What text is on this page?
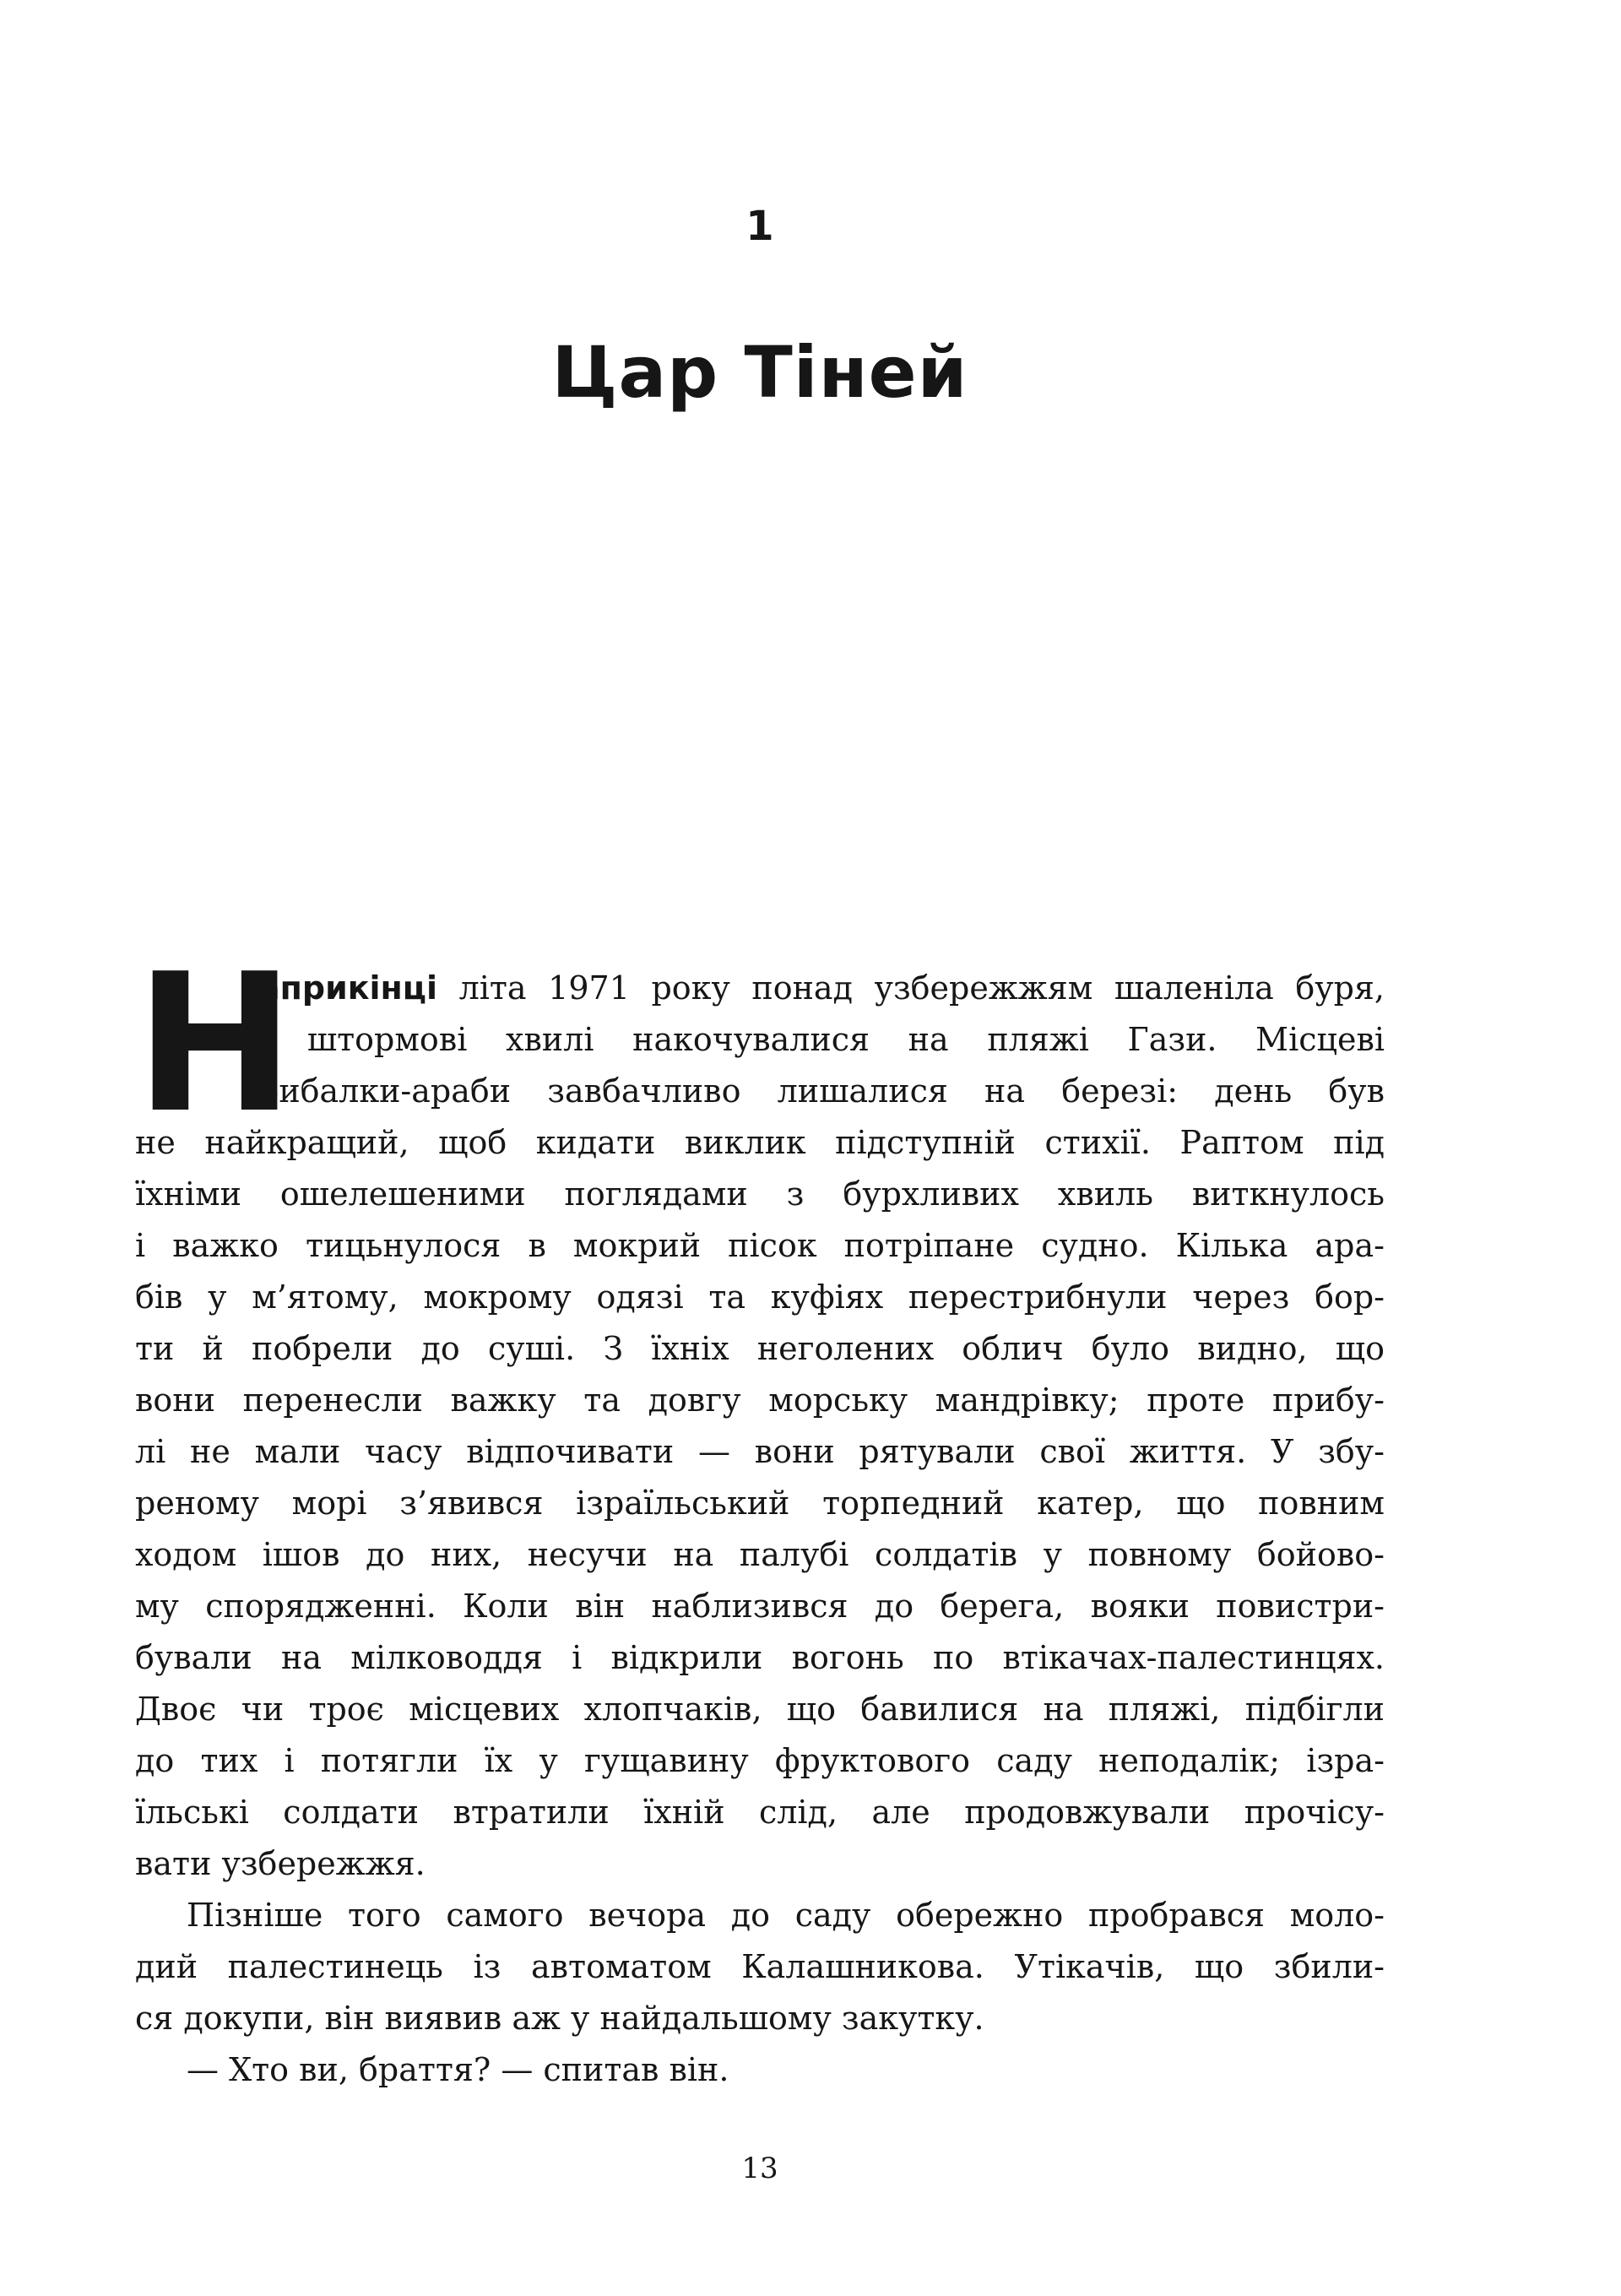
1
Цар Тіней
Н
априкінці літа 1971 року понад узбережжям шаленіла буря,
і штормові хвилі накочувалися на пляжі Гази. Місцеві
рибалки-араби завбачливо лишалися на березі: день був
не найкращий, щоб кидати виклик підступній стихії. Раптом під
їхніми ошелешеними поглядами з бурхливих хвиль виткнулось
і важко тицьнулося в мокрий пісок потріпане судно. Кілька ара-
бів у м’ятому, мокрому одязі та куфіях перестрибнули через бор-
ти й побрели до суші. З їхніх неголених облич було видно, що
вони перенесли важку та довгу морську мандрівку; проте прибу-
лі не мали часу відпочивати — вони рятували свої життя. У збу-
реному морі з’явився ізраїльський торпедний катер, що повним
ходом ішов до них, несучи на палубі солдатів у повному бойово-
му спорядженні. Коли він наблизився до берега, вояки повистри-
бували на мілководдя і відкрили вогонь по втікачах-палестинцях.
Двоє чи троє місцевих хлопчаків, що бавилися на пляжі, підбігли
до тих і потягли їх у гущавину фруктового саду неподалік; ізра-
їльські солдати втратили їхній слід, але продовжували прочісу-
вати узбережжя.
Пізніше того самого вечора до саду обережно пробрався моло-
дий палестинець із автоматом Калашникова. Утікачів, що збили-
ся докупи, він виявив аж у найдальшому закутку.
— Хто ви, браття? — спитав він.
13
